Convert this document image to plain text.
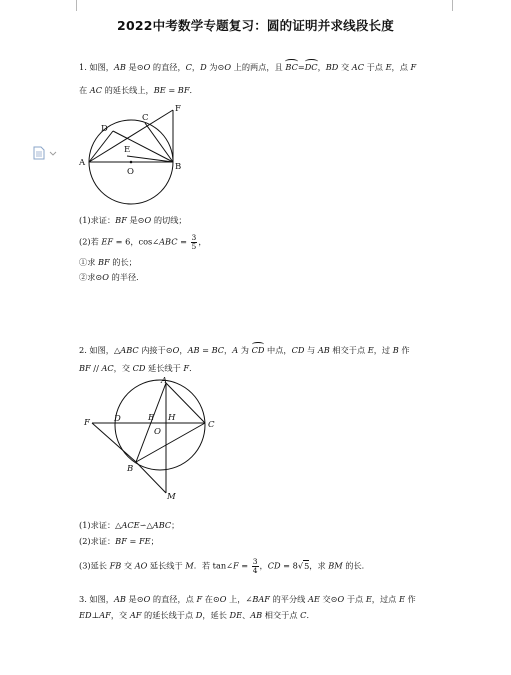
2022中考数学专题复习：圆的证明并求线段长度
1. 如图，AB 是⊙O 的直径，C，D 为⊙O 上的两点，且 BC=DC，BD 交 AC 于点 E，点 F
在 AC 的延长线上，BE = BF．
A	B
C
D
E
F
O
(1)求证：BF 是⊙O 的切线；
(2)若 EF = 6，cos∠ABC = $\frac{3}{5}$ ，
①求 BF 的长；
②求⊙O 的半径．
2. 如图，△ABC 内接于⊙O，AB = BC，A 为 CD 中点，CD 与 AB 相交于点 E，过 B 作
BF // AC，交 CD 延长线于 F．
F	D	E H
A
O
C
B
M
(1)求证：△ACE∽△ABC；
(2)求证：BF = FE；
(3)延长 FB 交 AO 延长线于 M．若 tan∠F = $\frac{3}{4}$ ，CD = 8√5，求 BM 的长．
3. 如图，AB 是⊙O 的直径，点 F 在⊙O 上，∠BAF 的平分线 AE 交⊙O 于点 E，过点 E 作
ED⊥AF，交 AF 的延长线于点 D，延长 DE、AB 相交于点 C．
